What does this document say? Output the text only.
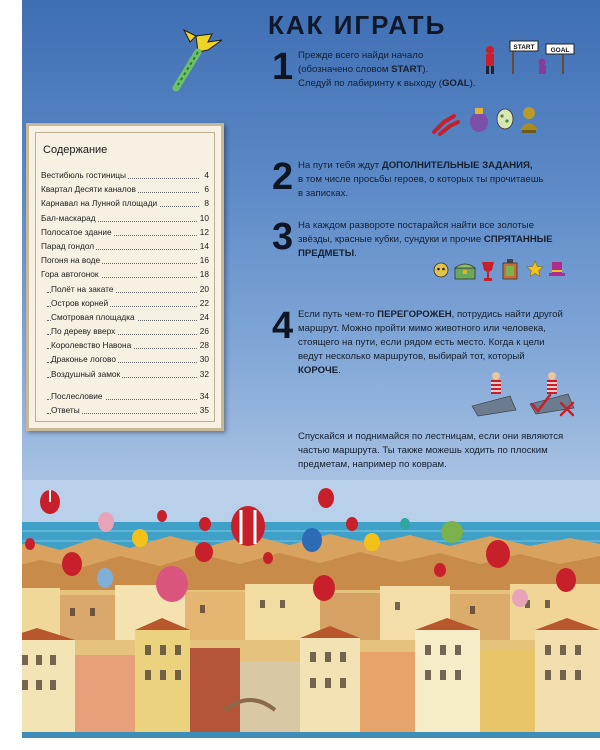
КАК ИГРАТЬ
1 Прежде всего найди начало
(обозначено словом START).
Следуй по лабиринту к выходу (GOAL).
START GOAL
2 На пути тебя ждут ДОПОЛНИТЕЛЬНЫЕ ЗАДАНИЯ,
в том числе просьбы героев, о которых ты прочитаешь
в записках.
3 На каждом развороте постарайся найти все золотые
звёзды, красные кубки, сундуки и прочие СПРЯТАННЫЕ
ПРЕДМЕТЫ.
4 Если путь чем-то ПЕРЕГОРОЖЕН, потрудись найти другой
маршрут. Можно пройти мимо животного или человека,
стоящего на пути, если рядом есть место. Когда к цели
ведут несколько маршрутов, выбирай тот, который
КОРОЧЕ.
Спускайся и поднимайся по лестницам, если они являются
частью маршрута. Ты также можешь ходить по плоским
предметам, например по коврам.
Содержание
Вестибюль гостиницы	4
Квартал Десяти каналов	6
Карнавал на Лунной площади	8
Бал-маскарад	10
Полосатое здание	12
Парад гондол	14
Погоня на воде	16
Гора автогонок	18
Полёт на закате	20
Остров корней	22
Смотровая площадка	24
По дереву вверх	26
Королевство Навона	28
Драконье логово	30
Воздушный замок	32
Послесловие	34
Ответы	35
